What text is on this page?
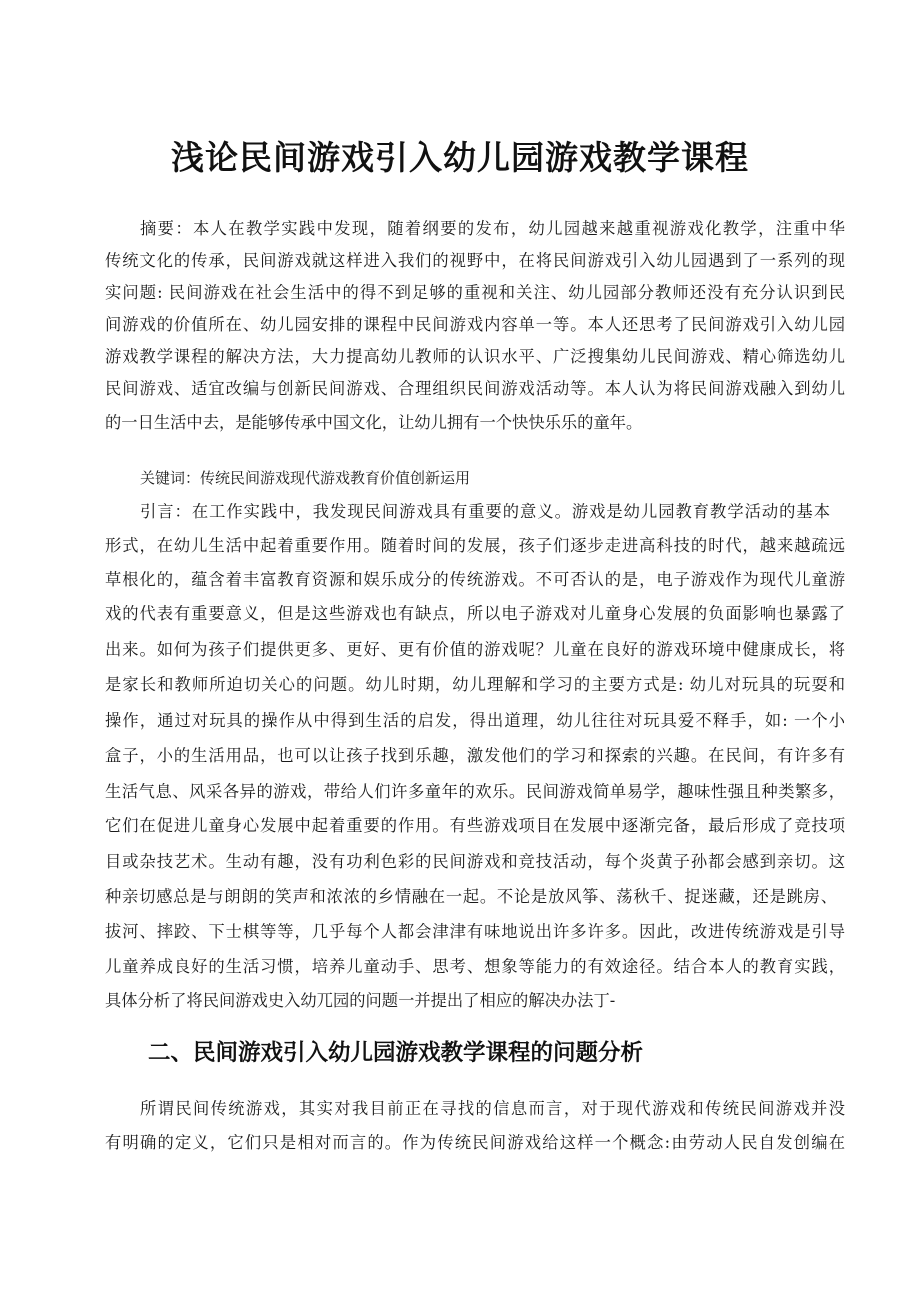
浅论民间游戏引入幼儿园游戏教学课程
摘要：本人在教学实践中发现，随着纲要的发布，幼儿园越来越重视游戏化教学，注重中华
传统文化的传承，民间游戏就这样进入我们的视野中，在将民间游戏引入幼儿园遇到了一系列的现
实问题: 民间游戏在社会生活中的得不到足够的重视和关注、幼儿园部分教师还没有充分认识到民
间游戏的价值所在、幼儿园安排的课程中民间游戏内容单一等。本人还思考了民间游戏引入幼儿园
游戏教学课程的解决方法，大力提高幼儿教师的认识水平、广泛搜集幼儿民间游戏、精心筛选幼儿
民间游戏、适宜改编与创新民间游戏、合理组织民间游戏活动等。本人认为将民间游戏融入到幼儿
的一日生活中去，是能够传承中国文化，让幼儿拥有一个快快乐乐的童年。
关键词：传统民间游戏现代游戏教育价值创新运用
引言：在工作实践中，我发现民间游戏具有重要的意义。游戏是幼儿园教育教学活动的基本
形式，在幼儿生活中起着重要作用。随着时间的发展，孩子们逐步走进高科技的时代，越来越疏远
草根化的，蕴含着丰富教育资源和娱乐成分的传统游戏。不可否认的是，电子游戏作为现代儿童游
戏的代表有重要意义，但是这些游戏也有缺点，所以电子游戏对儿童身心发展的负面影响也暴露了
出来。如何为孩子们提供更多、更好、更有价值的游戏呢？儿童在良好的游戏环境中健康成长，将
是家长和教师所迫切关心的问题。幼儿时期，幼儿理解和学习的主要方式是: 幼儿对玩具的玩耍和
操作，通过对玩具的操作从中得到生活的启发，得出道理，幼儿往往对玩具爱不释手，如: 一个小
盒子，小的生活用品，也可以让孩子找到乐趣，激发他们的学习和探索的兴趣。在民间，有许多有
生活气息、风采各异的游戏，带给人们许多童年的欢乐。民间游戏简单易学，趣味性强且种类繁多，
它们在促进儿童身心发展中起着重要的作用。有些游戏项目在发展中逐渐完备，最后形成了竞技项
目或杂技艺术。生动有趣，没有功利色彩的民间游戏和竞技活动，每个炎黄子孙都会感到亲切。这
种亲切感总是与朗朗的笑声和浓浓的乡情融在一起。不论是放风筝、荡秋千、捉迷藏，还是跳房、
拔河、摔跤、下士棋等等，几乎每个人都会津津有味地说出许多许多。因此，改进传统游戏是引导
儿童养成良好的生活习惯，培养儿童动手、思考、想象等能力的有效途径。结合本人的教育实践，
具体分析了将民间游戏史入幼兀园的问题一并提出了相应的解决办法丁-
二、民间游戏引入幼儿园游戏教学课程的问题分析
所谓民间传统游戏，其实对我目前正在寻找的信息而言，对于现代游戏和传统民间游戏并没
有明确的定义，它们只是相对而言的。作为传统民间游戏给这样一个概念:由劳动人民自发创编在
